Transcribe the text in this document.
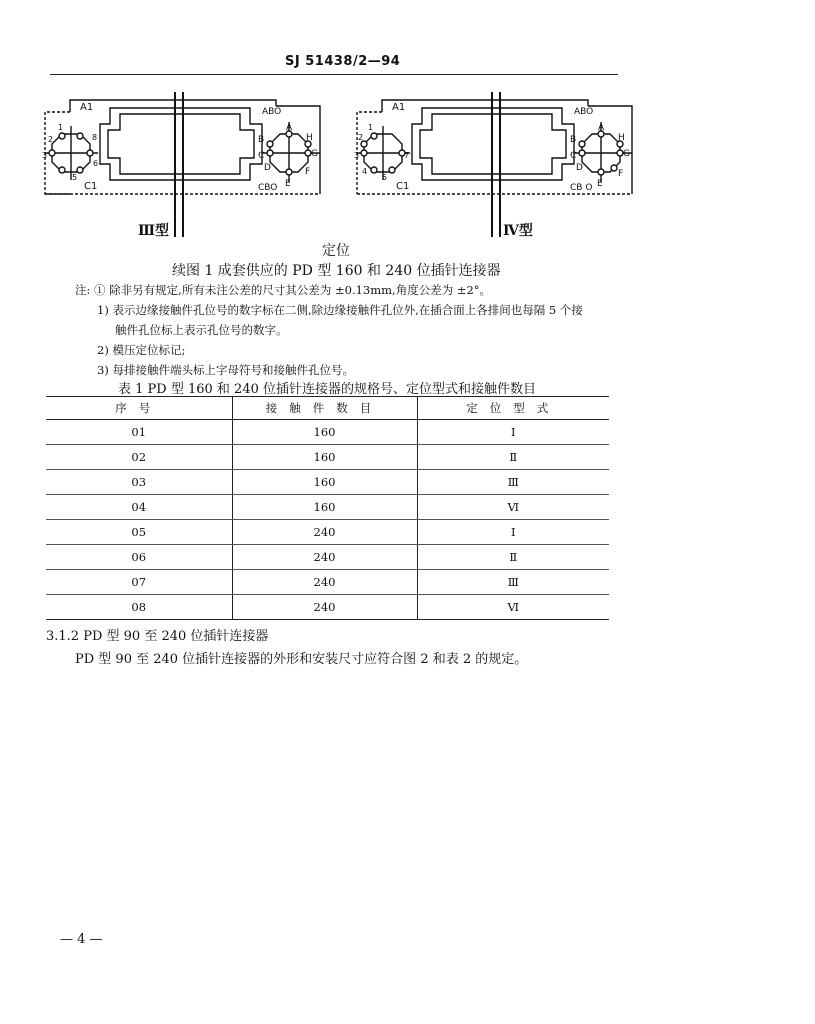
SJ 51438/2—94
A1	ABO
C1	CBO
1
2
3
8
6
5
A
B
C
D
E
F
G
H
Ⅲ型
A1	ABO
C1	CB O
1
2
3
4
7
5
A
B
C
D
E
F
G
H
Ⅳ型
定位
续图 1 成套供应的 PD 型 160 和 240 位插针连接器
注: ① 除非另有规定,所有未注公差的尺寸其公差为 ±0.13mm,角度公差为 ±2°。
1) 表示边缘接触件孔位号的数字标在二侧,除边缘接触件孔位外,在插合面上各排间也每隔 5 个接
触件孔位标上表示孔位号的数字。
2) 模压定位标记;
3) 每排接触件端头标上字母符号和接触件孔位号。
表 1 PD 型 160 和 240 位插针连接器的规格号、定位型式和接触件数目
序号	接触件数目	定位型式
01	160	Ⅰ
02	160	Ⅱ
03	160	Ⅲ
04	160	Ⅵ
05	240	Ⅰ
06	240	Ⅱ
07	240	Ⅲ
08	240	Ⅵ
3.1.2 PD 型 90 至 240 位插针连接器
PD 型 90 至 240 位插针连接器的外形和安装尺寸应符合图 2 和表 2 的规定。
— 4 —
